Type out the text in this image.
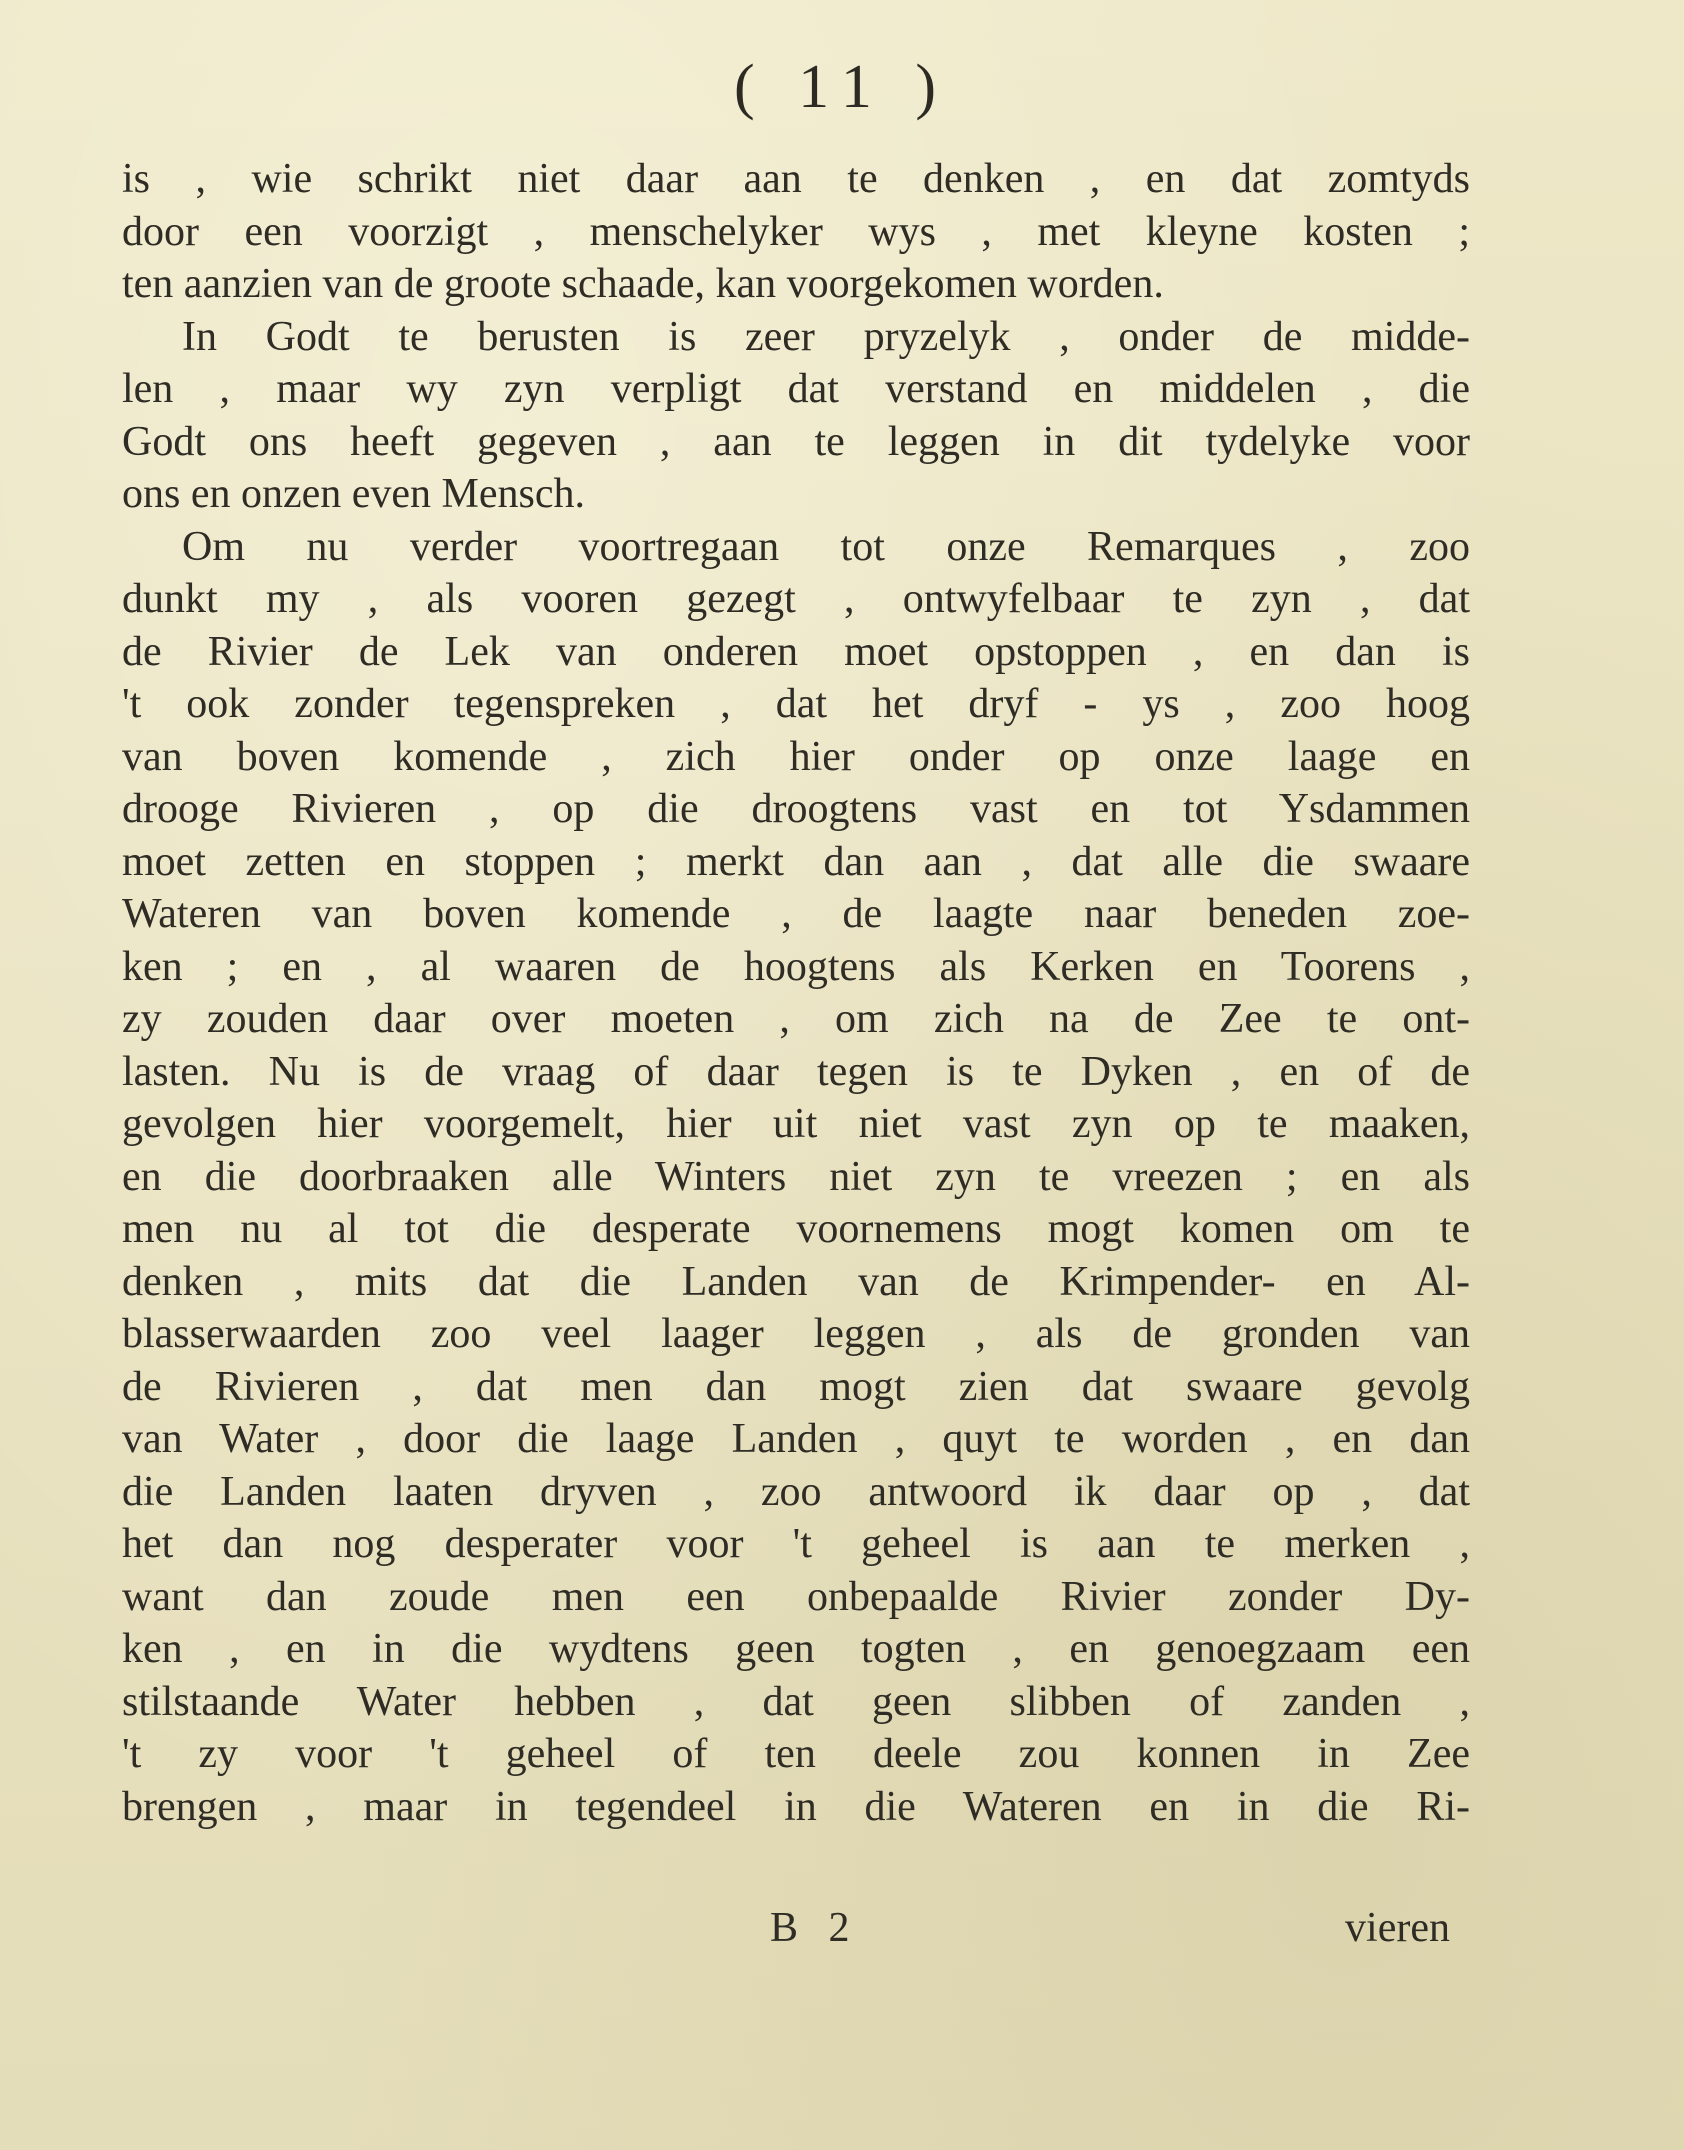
( 11 )
is , wie schrikt niet daar aan te denken , en dat zomtyds
door een voorzigt , menschelyker wys , met kleyne kosten ;
ten aanzien van de groote schaade, kan voorgekomen worden.
In Godt te berusten is zeer pryzelyk , onder de midde-
len , maar wy zyn verpligt dat verstand en middelen , die
Godt ons heeft gegeven , aan te leggen in dit tydelyke voor
ons en onzen even Mensch.
Om nu verder voortregaan tot onze Remarques , zoo
dunkt my , als vooren gezegt , ontwyfelbaar te zyn , dat
de Rivier de Lek van onderen moet opstoppen , en dan is
't ook zonder tegenspreken , dat het dryf - ys , zoo hoog
van boven komende , zich hier onder op onze laage en
drooge Rivieren , op die droogtens vast en tot Ysdammen
moet zetten en stoppen ; merkt dan aan , dat alle die swaare
Wateren van boven komende , de laagte naar beneden zoe-
ken ; en , al waaren de hoogtens als Kerken en Toorens ,
zy zouden daar over moeten , om zich na de Zee te ont-
lasten. Nu is de vraag of daar tegen is te Dyken , en of de
gevolgen hier voorgemelt, hier uit niet vast zyn op te maaken,
en die doorbraaken alle Winters niet zyn te vreezen ; en als
men nu al tot die desperate voornemens mogt komen om te
denken , mits dat die Landen van de Krimpender- en Al-
blasserwaarden zoo veel laager leggen , als de gronden van
de Rivieren , dat men dan mogt zien dat swaare gevolg
van Water , door die laage Landen , quyt te worden , en dan
die Landen laaten dryven , zoo antwoord ik daar op , dat
het dan nog desperater voor 't geheel is aan te merken ,
want dan zoude men een onbepaalde Rivier zonder Dy-
ken , en in die wydtens geen togten , en genoegzaam een
stilstaande Water hebben , dat geen slibben of zanden ,
't zy voor 't geheel of ten deele zou konnen in Zee
brengen , maar in tegendeel in die Wateren en in die Ri-
B 2	vieren
